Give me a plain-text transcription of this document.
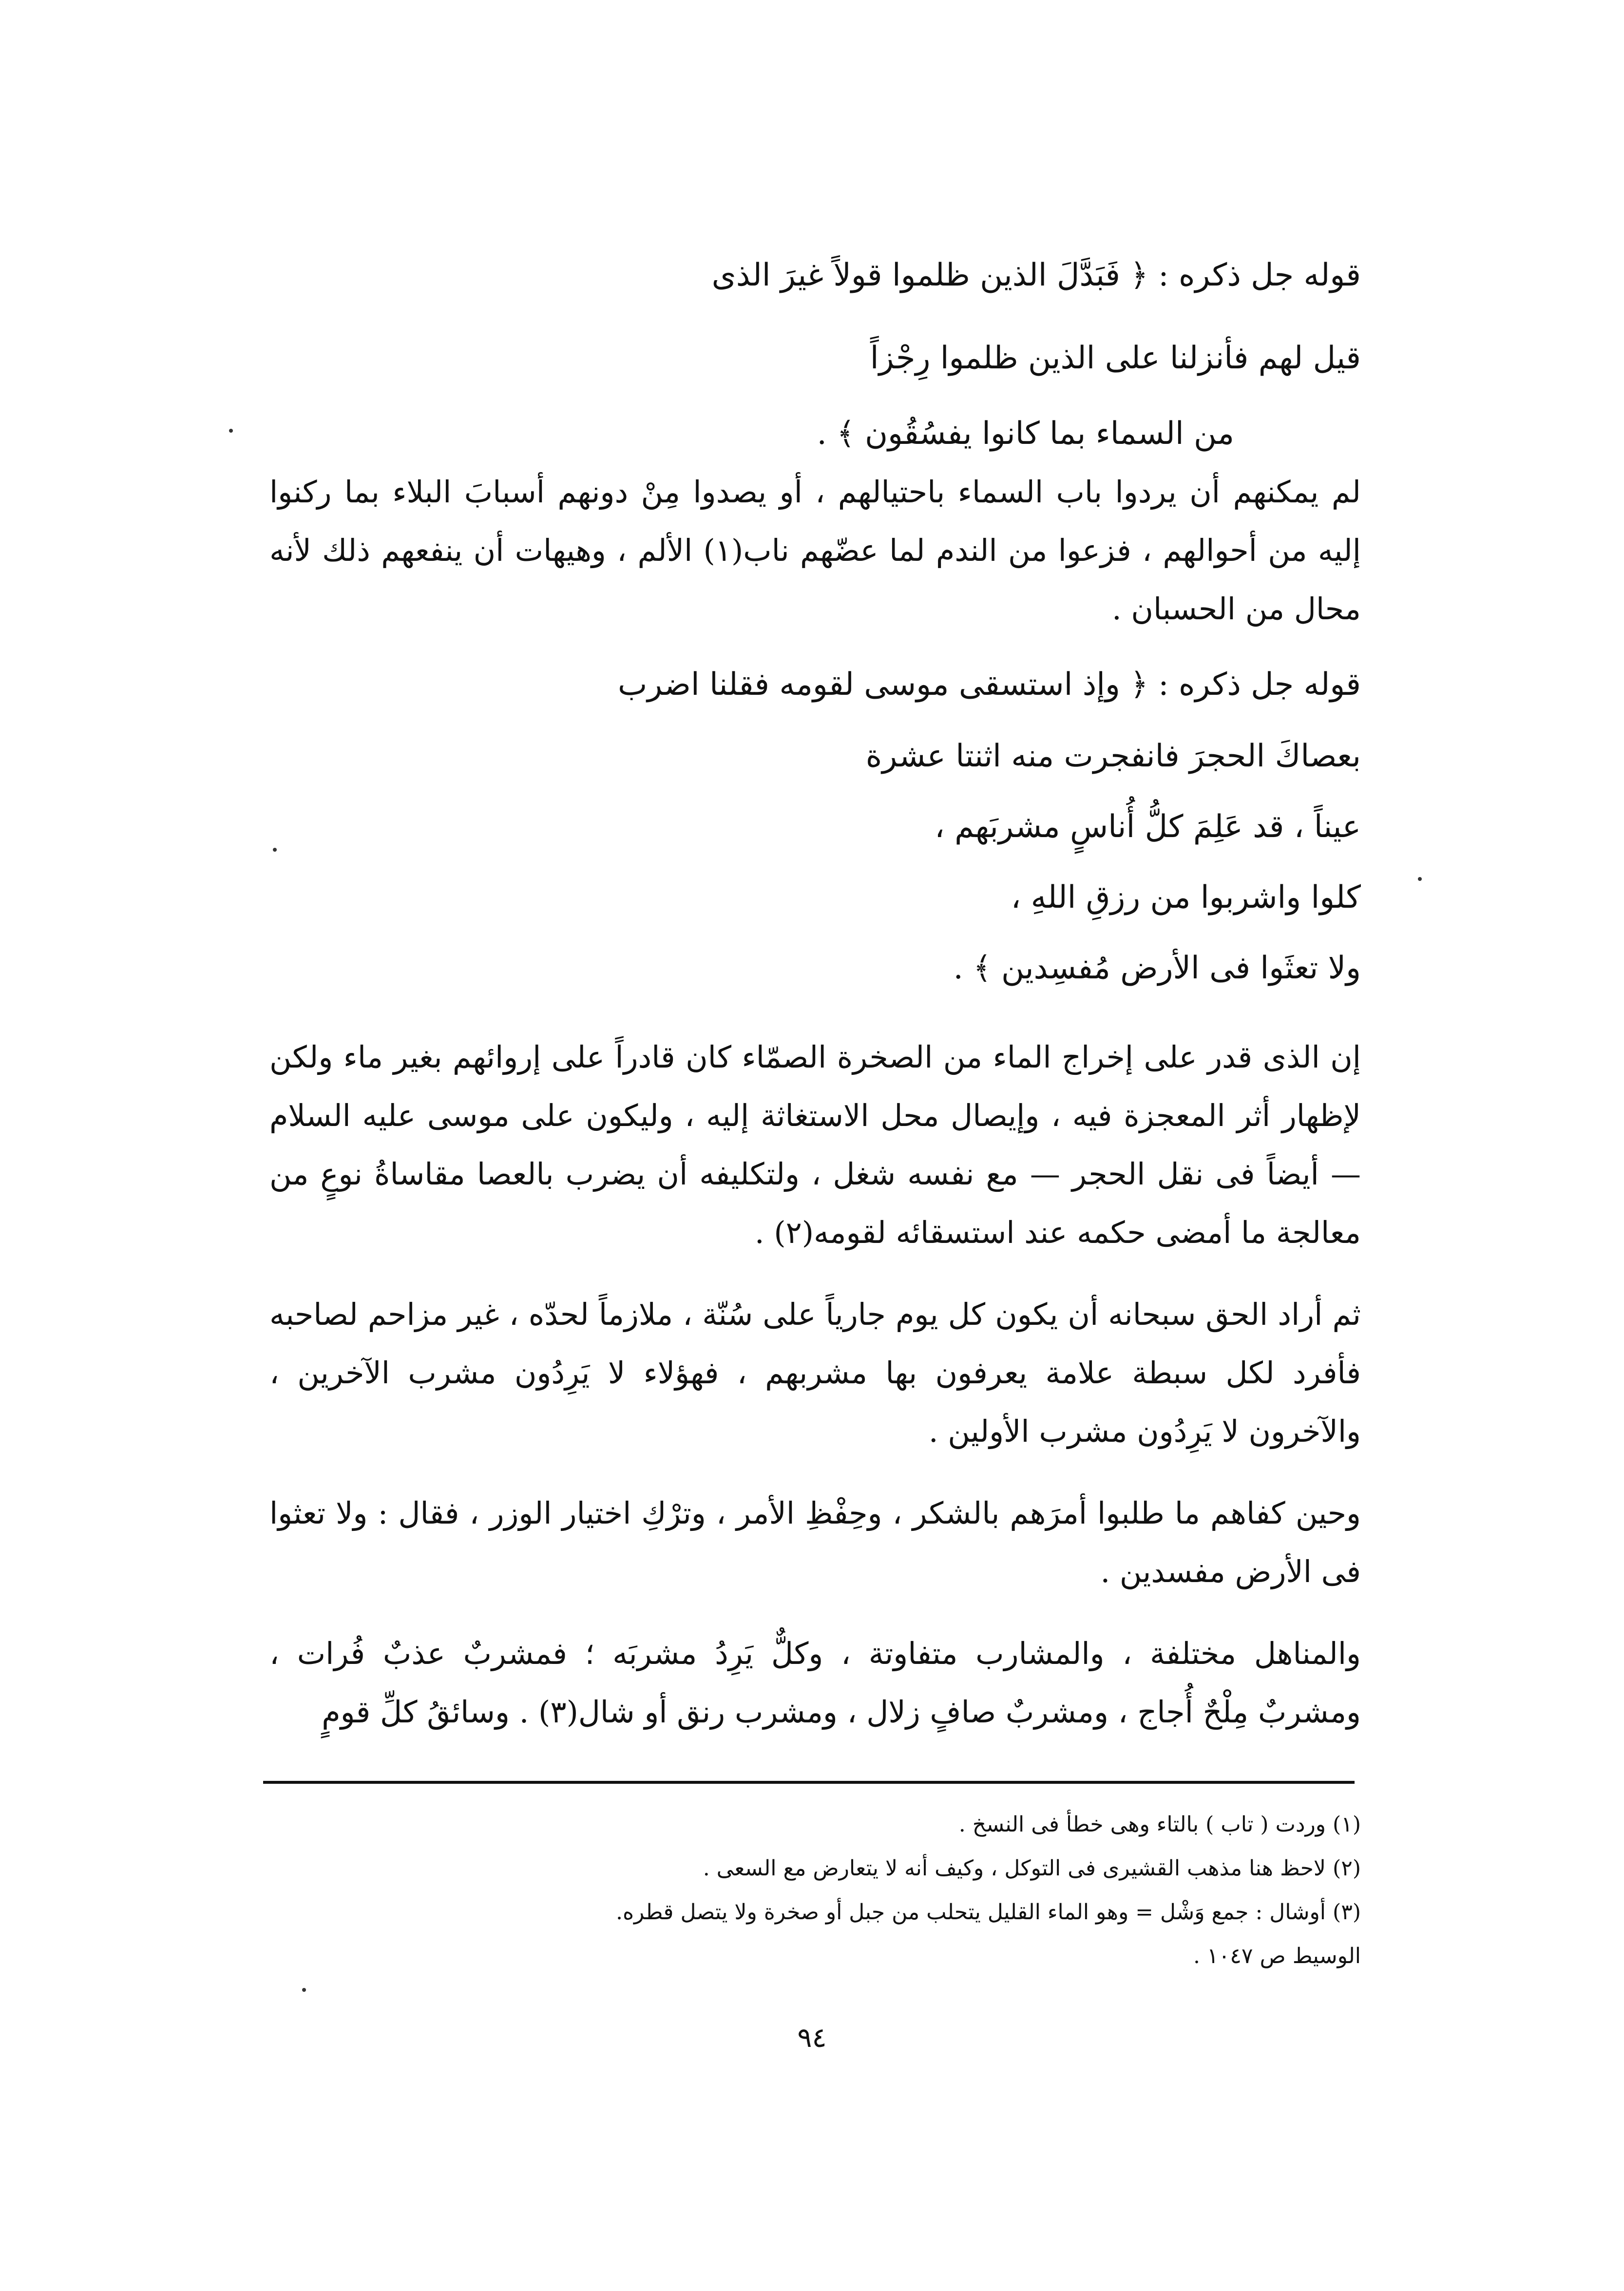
قوله جل ذكره : ﴿ فَبَدَّلَ الذين ظلموا قولاً غيرَ الذى
قيل لهم فأنزلنا على الذين ظلموا رِجْزاً
من السماء بما كانوا يفسُقُون ﴾ .

لم يمكنهم أن يردوا باب السماء باحتيالهم ، أو يصدوا مِنْ دونهم أسبابَ البلاء بما ركنوا إليه من أحوالهم ، فزعوا من الندم لما عضّهم ناب(١) الألم ، وهيهات أن ينفعهم ذلك لأنه محال من الحسبان .

قوله جل ذكره : ﴿ وإذ استسقى موسى لقومه فقلنا اضرب
بعصاكَ الحجرَ فانفجرت منه اثنتا عشرة
عيناً ، قد عَلِمَ كلُّ أُناسٍ مشربَهم ،
كلوا واشربوا من رزقِ اللهِ ،
ولا تعثَوا فى الأرض مُفسِدين ﴾ .

إن الذى قدر على إخراج الماء من الصخرة الصمّاء كان قادراً على إروائهم بغير ماء ولكن لإظهار أثر المعجزة فيه ، وإيصال محل الاستغاثة إليه ، وليكون على موسى عليه السلام — أيضاً فى نقل الحجر — مع نفسه شغل ، ولتكليفه أن يضرب بالعصا مقاساةُ نوعٍ من معالجة ما أمضى حكمه عند استسقائه لقومه(٢) .

ثم أراد الحق سبحانه أن يكون كل يوم جارياً على سُنّة ، ملازماً لحدّه ، غير مزاحم لصاحبه فأفرد لكل سبطة علامة يعرفون بها مشربهم ، فهؤلاء لا يَرِدُون مشرب الآخرين ، والآخرون لا يَرِدُون مشرب الأولين .

وحين كفاهم ما طلبوا أمرَهم بالشكر ، وحِفْظِ الأمر ، وترْكِ اختيار الوزر ، فقال : ولا تعثوا فى الأرض مفسدين .

والمناهل مختلفة ، والمشارب متفاوتة ، وكلٌّ يَرِدُ مشربَه ؛ فمشربٌ عذبٌ فُرات ، ومشربٌ مِلْحٌ أُجاج ، ومشربٌ صافٍ زلال ، ومشرب رنق أو شال(٣) . وسائقُ كلِّ قومٍ

(١) وردت ( تاب ) بالتاء وهى خطأ فى النسخ .
(٢) لاحظ هنا مذهب القشيرى فى التوكل ، وكيف أنه لا يتعارض مع السعى .
(٣) أوشال : جمع وَشْل = وهو الماء القليل يتحلب من جبل أو صخرة ولا يتصل قطره.
الوسيط ص ١٠٤٧ .
٩٤
